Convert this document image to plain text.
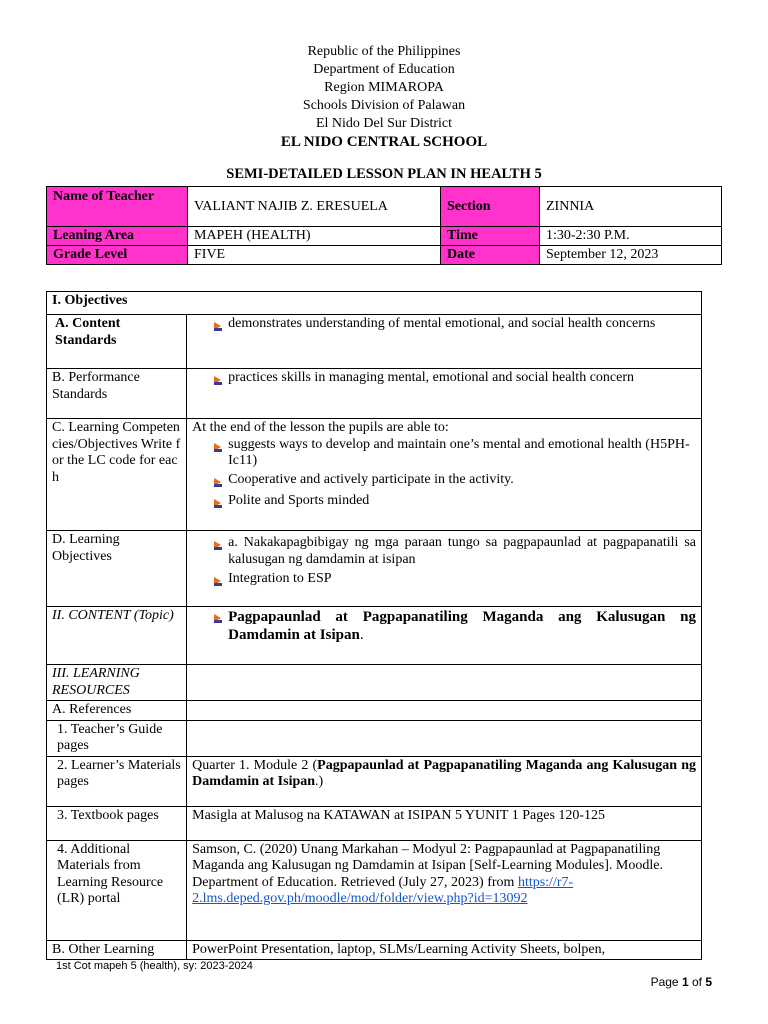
Republic of the Philippines
Department of Education
Region MIMAROPA
Schools Division of Palawan
El Nido Del Sur District
EL NIDO CENTRAL SCHOOL
SEMI-DETAILED LESSON PLAN IN HEALTH 5
Name of Teacher	VALIANT NAJIB Z. ERESUELA	Section	ZINNIA
Leaning Area	MAPEH (HEALTH)	Time	1:30-2:30 P.M.
Grade Level	FIVE	Date	September 12, 2023
I. Objectives	
A. Content Standards	demonstrates understanding of mental emotional, and social health concerns

B. Performance Standards	practices skills in managing mental, emotional and social health concern

C. Learning Competencies/Objectives Write for the LC code for each	At the end of the lesson the pupils are able to:
suggests ways to develop and maintain one’s mental and emotional health (H5PH-Ic11)
Cooperative and actively participate in the activity.
Polite and Sports minded

D. Learning Objectives	a. Nakakapagbibigay ng mga paraan tungo sa pagpapaunlad at pagpapanatili sa kalusugan ng damdamin at isipan
Integration to ESP

II. CONTENT (Topic)	Pagpapaunlad at Pagpapanatiling Maganda ang Kalusugan ng Damdamin at Isipan.

III. LEARNING RESOURCES	
A. References	
1. Teacher’s Guide pages	
2. Learner’s Materials pages	Quarter 1. Module 2 (Pagpapaunlad at Pagpapanatiling Maganda ang Kalusugan ng Damdamin at Isipan.)
3. Textbook pages	Masigla at Malusog na KATAWAN at ISIPAN 5 YUNIT 1 Pages 120-125
4. Additional Materials from Learning Resource (LR) portal	Samson, C. (2020) Unang Markahan – Modyul 2: Pagpapaunlad at Pagpapanatiling Maganda ang Kalusugan ng Damdamin at Isipan [Self-Learning Modules]. Moodle. Department of Education. Retrieved (July 27, 2023) from https://r7-2.lms.deped.gov.ph/moodle/mod/folder/view.php?id=13092
B. Other Learning	PowerPoint Presentation, laptop, SLMs/Learning Activity Sheets, bolpen,
1st Cot mapeh 5 (health), sy: 2023-2024
Page 1 of 5
